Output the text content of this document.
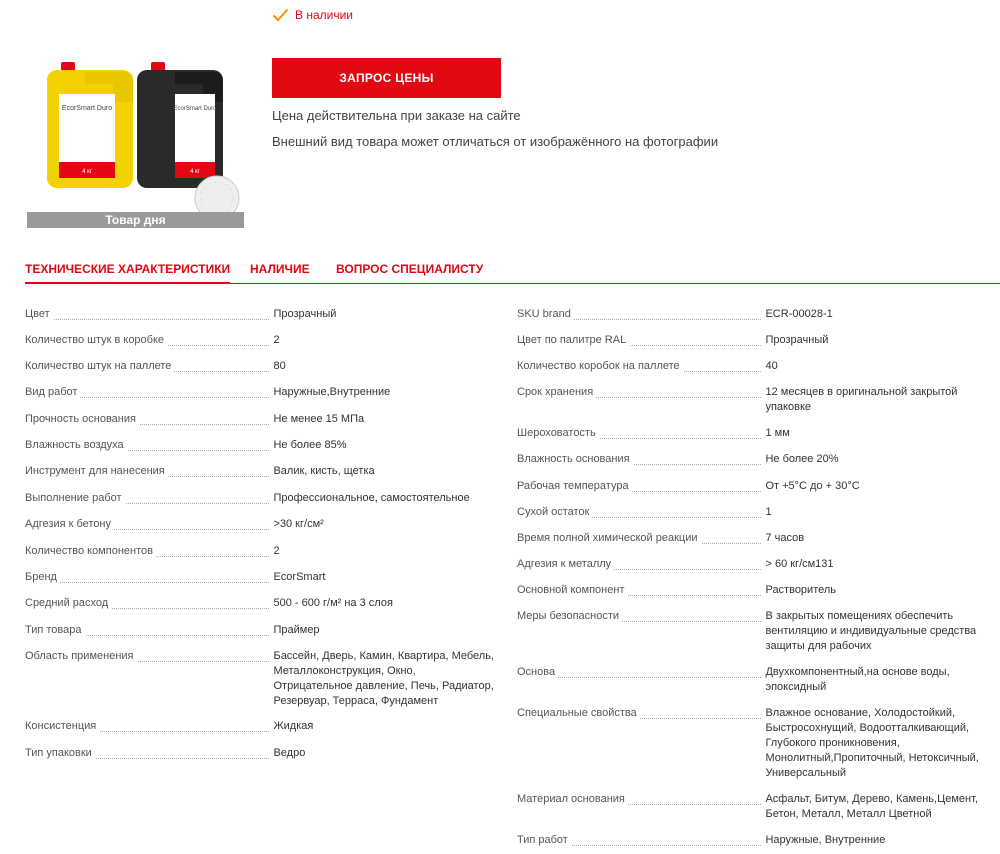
В наличии
EcorSmart Duro
4 кг
EcorSmart Duro
4 кг
Товар дня
ЗАПРОС ЦЕНЫ
Цена действительна при заказе на сайте
Внешний вид товара может отличаться от изображённого на фотографии
ТЕХНИЧЕСКИЕ ХАРАКТЕРИСТИКИ НАЛИЧИЕ ВОПРОС СПЕЦИАЛИСТУ
Цвет	Прозрачный
Количество штук в коробке	2
Количество штук на паллете	80
Вид работ	Наружные,Внутренние
Прочность основания	Не менее 15 МПа
Влажность воздуха	Не более 85%
Инструмент для нанесения	Валик, кисть, щетка
Выполнение работ	Профессиональное, самостоятельное
Адгезия к бетону	>30 кг/см²
Количество компонентов	2
Бренд	EcorSmart
Средний расход	500 - 600 г/м² на 3 слоя
Тип товара	Праймер
Область применения	Бассейн, Дверь, Камин, Квартира, Мебель, Металлоконструкция, Окно, Отрицательное давление, Печь, Радиатор, Резервуар, Терраса, Фундамент
Консистенция	Жидкая
Тип упаковки	Ведро
SKU brand	ECR-00028-1
Цвет по палитре RAL	Прозрачный
Количество коробок на паллете	40
Срок хранения	12 месяцев в оригинальной закрытой упаковке
Шероховатость	1 мм
Влажность основания	Не более 20%
Рабочая температура	От +5°С до + 30°С
Сухой остаток	1
Время полной химической реакции	7 часов
Адгезия к металлу	> 60 кг/см131
Основной компонент	Растворитель
Меры безопасности	В закрытых помещениях обеспечить вентиляцию и индивидуальные средства защиты для рабочих
Основа	Двухкомпонентный,на основе воды, эпоксидный
Специальные свойства	Влажное основание, Холодостойкий, Быстросохнущий, Водоотталкивающий, Глубокого проникновения, Монолитный,Пропиточный, Нетоксичный, Универсальный
Материал основания	Асфальт, Битум, Дерево, Камень,Цемент, Бетон, Металл, Металл Цветной
Тип работ	Наружные, Внутренние
